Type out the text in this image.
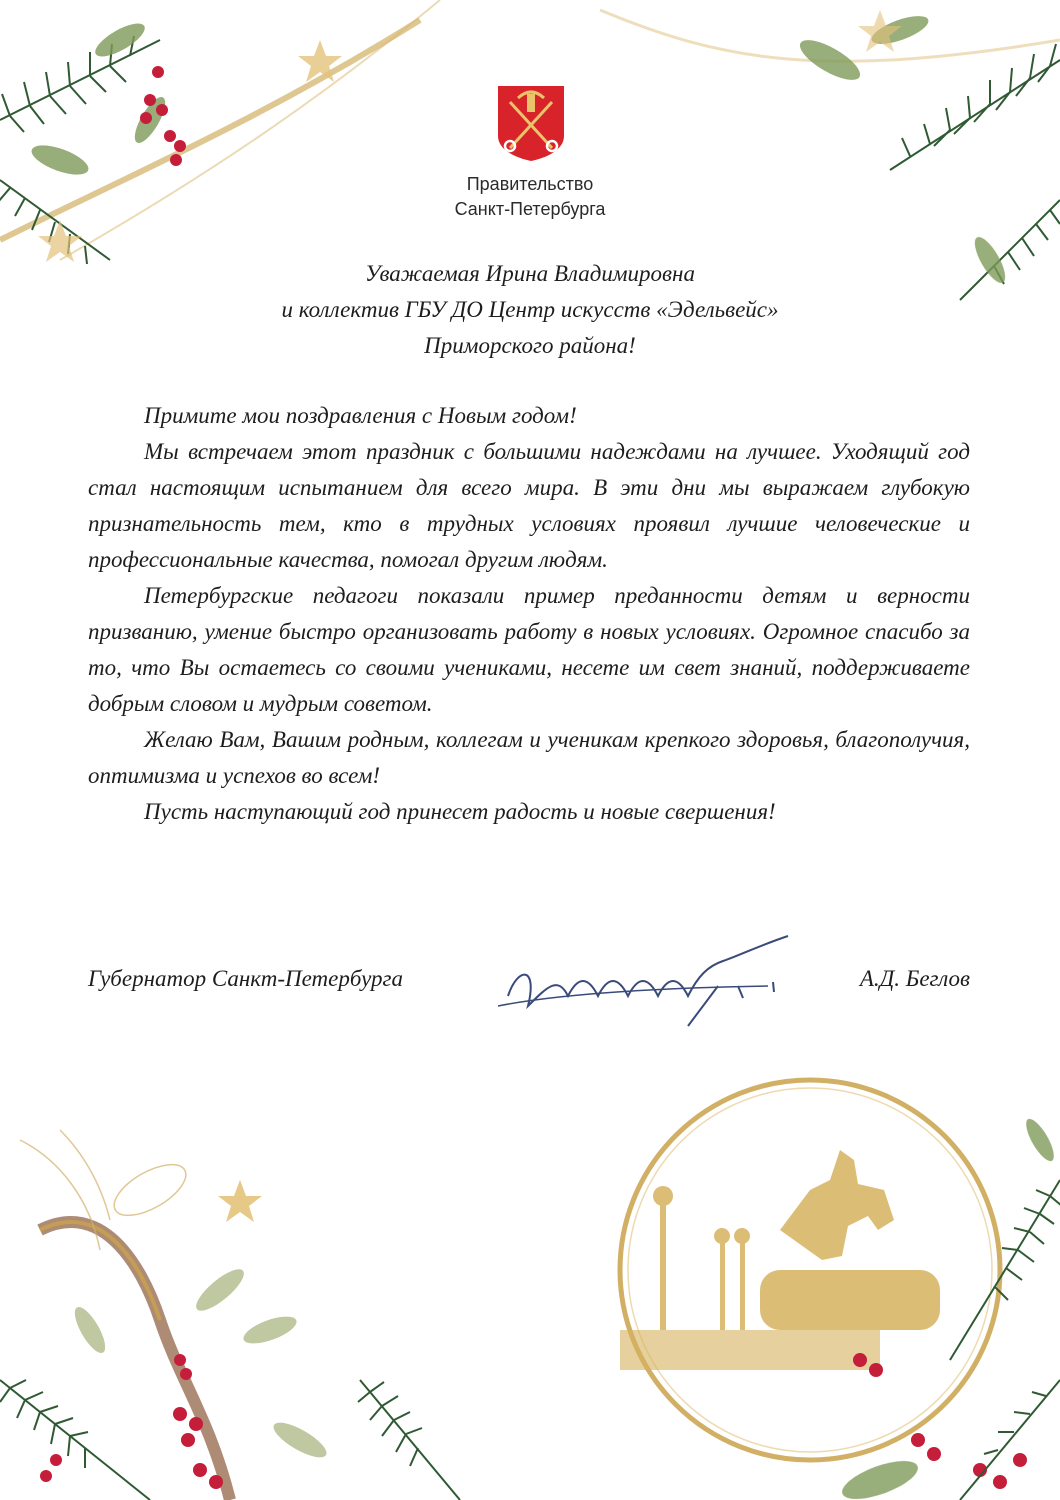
Правительство
Санкт-Петербурга
Уважаемая Ирина Владимировна
и коллектив ГБУ ДО Центр искусств «Эдельвейс»
Приморского района!

Примите мои поздравления с Новым годом!

Мы встречаем этот праздник с большими надеждами на лучшее. Уходящий год стал настоящим испытанием для всего мира. В эти дни мы выражаем глубокую признательность тем, кто в трудных условиях проявил лучшие человеческие и профессиональные качества, помогал другим людям.

Петербургские педагоги показали пример преданности детям и верности призванию, умение быстро организовать работу в новых условиях. Огромное спасибо за то, что Вы остаетесь со своими учениками, несете им свет знаний, поддерживаете добрым словом и мудрым советом.

Желаю Вам, Вашим родным, коллегам и ученикам крепкого здоровья, благополучия, оптимизма и успехов во всем!

Пусть наступающий год принесет радость и новые свершения!

Губернатор Санкт-Петербурга	А.Д. Беглов
